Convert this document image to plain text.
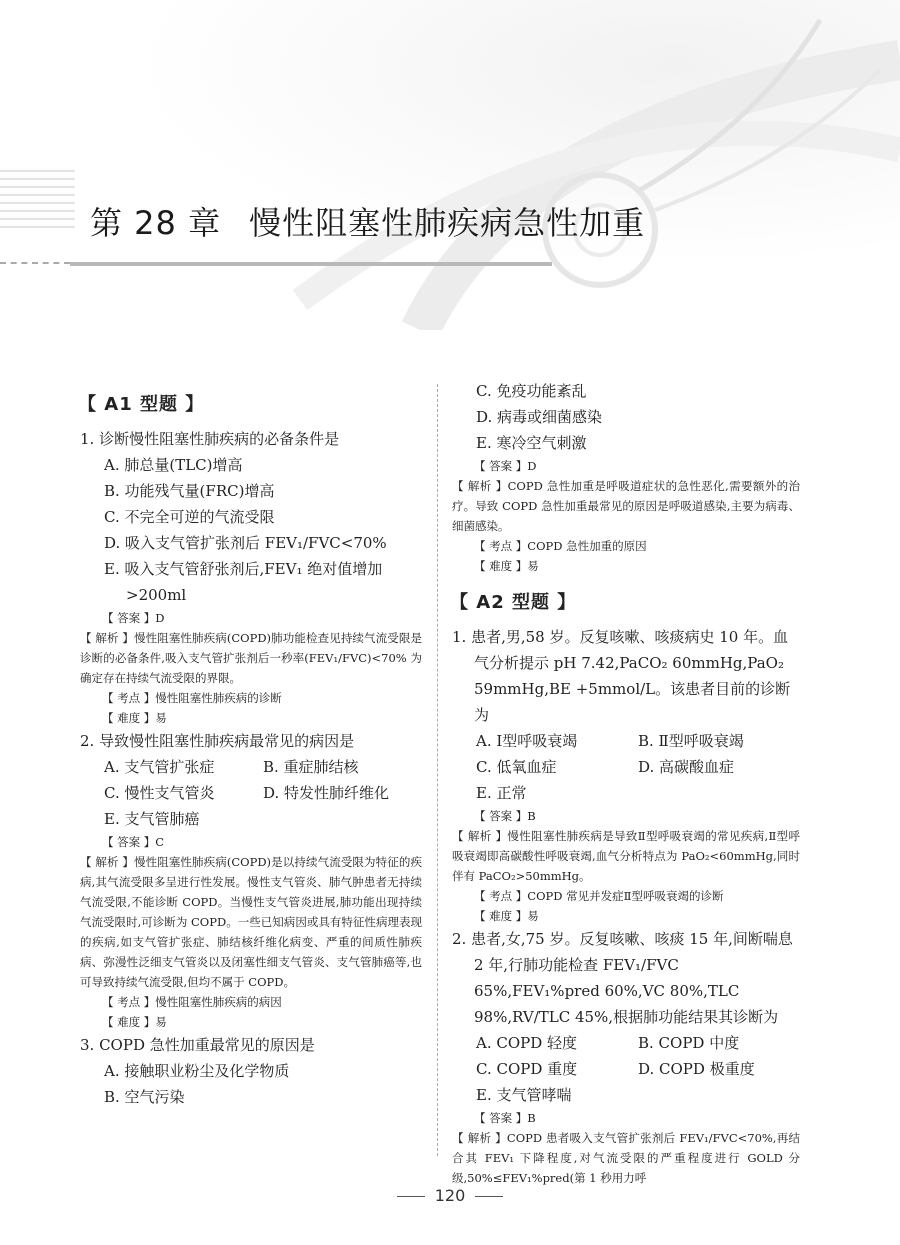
第 28 章 慢性阻塞性肺疾病急性加重
【 A1 型题 】
1. 诊断慢性阻塞性肺疾病的必备条件是
A. 肺总量(TLC)增高
B. 功能残气量(FRC)增高
C. 不完全可逆的气流受限
D. 吸入支气管扩张剂后 FEV₁/FVC<70%
E. 吸入支气管舒张剂后,FEV₁ 绝对值增加 >200ml
【 答案 】D
【 解析 】慢性阻塞性肺疾病(COPD)肺功能检查见持续气流受限是诊断的必备条件,吸入支气管扩张剂后一秒率(FEV₁/FVC)<70% 为确定存在持续气流受限的界限。
【 考点 】慢性阻塞性肺疾病的诊断
【 难度 】易
2. 导致慢性阻塞性肺疾病最常见的病因是
A. 支气管扩张症	B. 重症肺结核
C. 慢性支气管炎	D. 特发性肺纤维化
E. 支气管肺癌
【 答案 】C
【 解析 】慢性阻塞性肺疾病(COPD)是以持续气流受限为特征的疾病,其气流受限多呈进行性发展。慢性支气管炎、肺气肿患者无持续气流受限,不能诊断 COPD。当慢性支气管炎进展,肺功能出现持续气流受限时,可诊断为 COPD。一些已知病因或具有特征性病理表现的疾病,如支气管扩张症、肺结核纤维化病变、严重的间质性肺疾病、弥漫性泛细支气管炎以及闭塞性细支气管炎、支气管肺癌等,也可导致持续气流受限,但均不属于 COPD。
【 考点 】慢性阻塞性肺疾病的病因
【 难度 】易
3. COPD 急性加重最常见的原因是
A. 接触职业粉尘及化学物质
B. 空气污染
C. 免疫功能紊乱
D. 病毒或细菌感染
E. 寒冷空气刺激
【 答案 】D
【 解析 】COPD 急性加重是呼吸道症状的急性恶化,需要额外的治疗。导致 COPD 急性加重最常见的原因是呼吸道感染,主要为病毒、细菌感染。
【 考点 】COPD 急性加重的原因
【 难度 】易
【 A2 型题 】
1. 患者,男,58 岁。反复咳嗽、咳痰病史 10 年。血气分析提示 pH 7.42,PaCO₂ 60mmHg,PaO₂ 59mmHg,BE +5mmol/L。该患者目前的诊断为
A. Ⅰ型呼吸衰竭	B. Ⅱ型呼吸衰竭
C. 低氧血症	D. 高碳酸血症
E. 正常
【 答案 】B
【 解析 】慢性阻塞性肺疾病是导致Ⅱ型呼吸衰竭的常见疾病,Ⅱ型呼吸衰竭即高碳酸性呼吸衰竭,血气分析特点为 PaO₂<60mmHg,同时伴有 PaCO₂>50mmHg。
【 考点 】COPD 常见并发症Ⅱ型呼吸衰竭的诊断
【 难度 】易
2. 患者,女,75 岁。反复咳嗽、咳痰 15 年,间断喘息 2 年,行肺功能检查 FEV₁/FVC 65%,FEV₁%pred 60%,VC 80%,TLC 98%,RV/TLC 45%,根据肺功能结果其诊断为
A. COPD 轻度	B. COPD 中度
C. COPD 重度	D. COPD 极重度
E. 支气管哮喘
【 答案 】B
【 解析 】COPD 患者吸入支气管扩张剂后 FEV₁/FVC<70%,再结合其 FEV₁ 下降程度,对气流受限的严重程度进行 GOLD 分级,50%≤FEV₁%pred(第 1 秒用力呼
120
